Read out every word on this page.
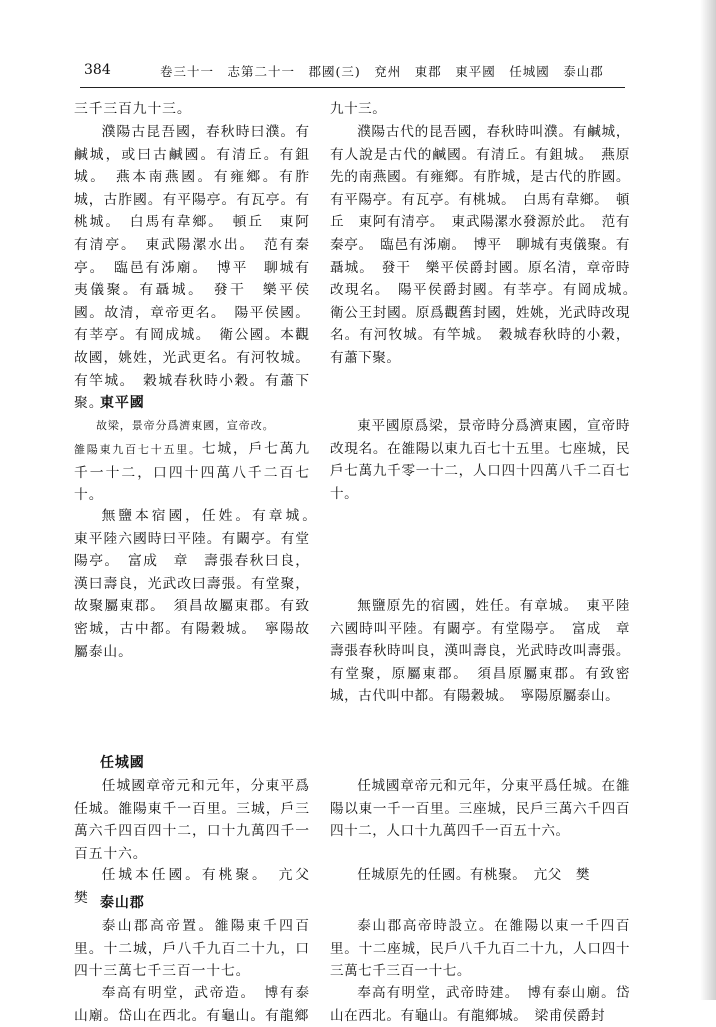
384	卷三十一　志第二十一　郡國(三)　兗州　東郡　東平國　任城國　泰山郡

三千三百九十三。

濮陽古昆吾國，春秋時曰濮。有鹹城，或曰古鹹國。有清丘。有鉏城。　燕本南燕國。有雍鄉。有胙城，古胙國。有平陽亭。有瓦亭。有桃城。　白馬有韋鄉。　頓丘　東阿有清亭。　東武陽漯水出。　范有秦亭。　臨邑有泲廟。　博平　聊城有夷儀聚。有聶城。　發干　樂平侯國。故清，章帝更名。　陽平侯國。有莘亭。有岡成城。　衛公國。本觀故國，姚姓，光武更名。有河牧城。有竿城。　穀城春秋時小穀。有蕭下聚。

東平國

故梁，景帝分爲濟東國，宣帝改。

雒陽東九百七十五里。七城，戶七萬九千一十二，口四十四萬八千二百七十。

無鹽本宿國，任姓。有章城。　東平陸六國時曰平陸。有闞亭。有堂陽亭。　富成　章　壽張春秋曰良，漢曰壽良，光武改曰壽張。有堂聚，故聚屬東郡。　須昌故屬東郡。有致密城，古中都。有陽穀城。　寧陽故屬泰山。

任城國

任城國章帝元和元年，分東平爲任城。雒陽東千一百里。三城，戶三萬六千四百四十二，口十九萬四千一百五十六。

任城本任國。有桃聚。　亢父　樊 泰山郡

泰山郡高帝置。雒陽東千四百里。十二城，戶八千九百二十九，口四十三萬七千三百一十七。

奉高有明堂，武帝造。　博有泰山廟。岱山在西北。有龜山。有龍鄉

九十三。

濮陽古代的昆吾國，春秋時叫濮。有鹹城，有人說是古代的鹹國。有清丘。有鉏城。　燕原先的南燕國。有雍鄉。有胙城，是古代的胙國。有平陽亭。有瓦亭。有桃城。　白馬有韋鄉。　頓丘　東阿有清亭。　東武陽漯水發源於此。　范有秦亭。　臨邑有泲廟。　博平　聊城有夷儀聚。有聶城。　發干　樂平侯爵封國。原名清，章帝時改現名。　陽平侯爵封國。有莘亭。有岡成城。　衛公王封國。原爲觀舊封國，姓姚，光武時改現名。有河牧城。有竿城。　穀城春秋時的小穀，有蕭下聚。

東平國原爲梁，景帝時分爲濟東國，宣帝時改現名。在雒陽以東九百七十五里。七座城，民戶七萬九千零一十二，人口四十四萬八千二百七十。

無鹽原先的宿國，姓任。有章城。　東平陸六國時叫平陸。有闞亭。有堂陽亭。　富成　章　壽張春秋時叫良，漢叫壽良，光武時改叫壽張。有堂聚，原屬東郡。　須昌原屬東郡。有致密城，古代叫中都。有陽穀城。　寧陽原屬泰山。

任城國章帝元和元年，分東平爲任城。在雒陽以東一千一百里。三座城，民戶三萬六千四百四十二，人口十九萬四千一百五十六。

任城原先的任國。有桃聚。　亢父　樊

泰山郡高帝時設立。在雒陽以東一千四百里。十二座城，民戶八千九百二十九，人口四十三萬七千三百一十七。

奉高有明堂，武帝時建。　博有泰山廟。岱山在西北。有龜山。有龍鄉城。　梁甫侯爵封
